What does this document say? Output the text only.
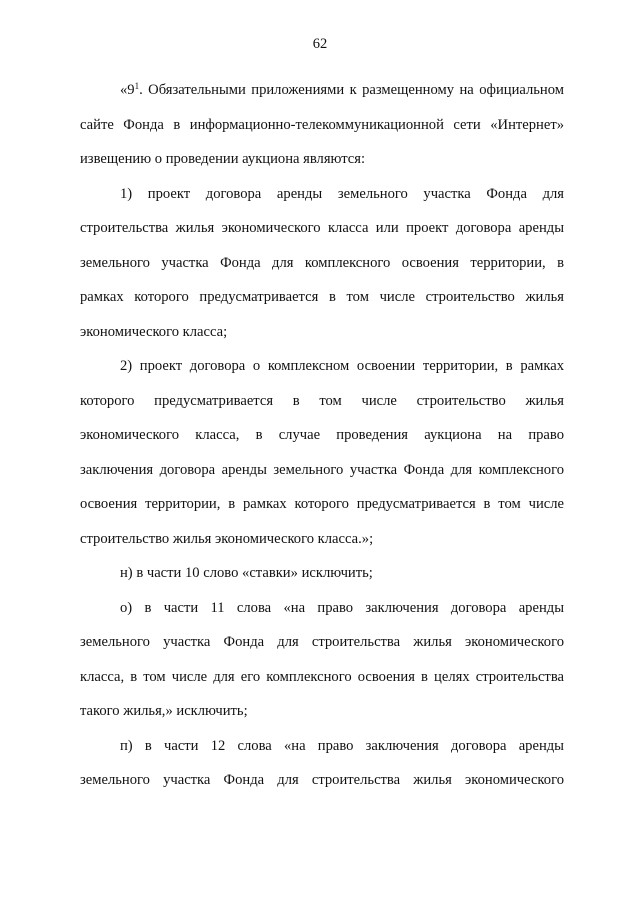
62

«$9^1$. Обязательными приложениями к размещенному на официальном

сайте Фонда в информационно-телекоммуникационной сети «Интернет»

извещению о проведении аукциона являются:

1) проект договора аренды земельного участка Фонда для

строительства жилья экономического класса или проект договора аренды

земельного участка Фонда для комплексного освоения территории, в

рамках которого предусматривается в том числе строительство жилья

экономического класса;

2) проект договора о комплексном освоении территории, в рамках

которого предусматривается в том числе строительство жилья

экономического класса, в случае проведения аукциона на право

заключения договора аренды земельного участка Фонда для комплексного

освоения территории, в рамках которого предусматривается в том числе

строительство жилья экономического класса.»;

н) в части 10 слово «ставки» исключить;

о) в части 11 слова «на право заключения договора аренды

земельного участка Фонда для строительства жилья экономического

класса, в том числе для его комплексного освоения в целях строительства

такого жилья,» исключить;

п) в части 12 слова «на право заключения договора аренды

земельного участка Фонда для строительства жилья экономического
